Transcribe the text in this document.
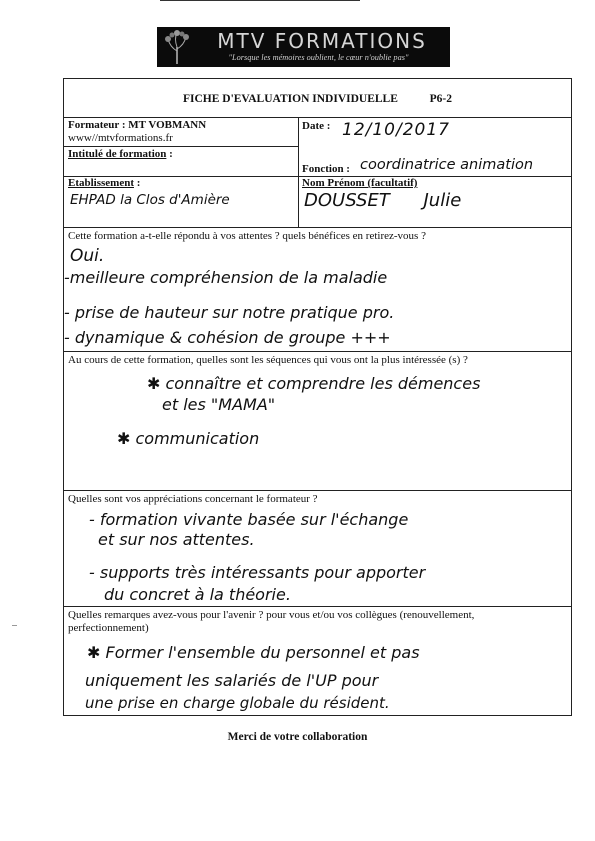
MTV FORMATIONS
"Lorsque les mémoires oublient, le cœur n'oublie pas"
FICHE D'EVALUATION INDIVIDUELLE	P6-2
Formateur : MT VOBMANN
www//mtvformations.fr
Date : 12/10/2017
Intitulé de formation :
Fonction : coordinatrice animation
Etablissement :
EHPAD la Clos d'Amière
Nom Prénom (facultatif)
DOUSSET Julie
Cette formation a-t-elle répondu à vos attentes ? quels bénéfices en retirez-vous ?
Oui.
-meilleure compréhension de la maladie
- prise de hauteur sur notre pratique pro.
- dynamique & cohésion de groupe +++
Au cours de cette formation, quelles sont les séquences qui vous ont la plus intéressée (s) ?
✱ connaître et comprendre les démences
et les "MAMA"
✱ communication
Quelles sont vos appréciations concernant le formateur ?
- formation vivante basée sur l'échange
et sur nos attentes.
- supports très intéressants pour apporter
du concret à la théorie.
Quelles remarques avez-vous pour l'avenir ? pour vous et/ou vos collègues (renouvellement,
perfectionnement)
✱ Former l'ensemble du personnel et pas
uniquement les salariés de l'UP pour
une prise en charge globale du résident.
Merci de votre collaboration
